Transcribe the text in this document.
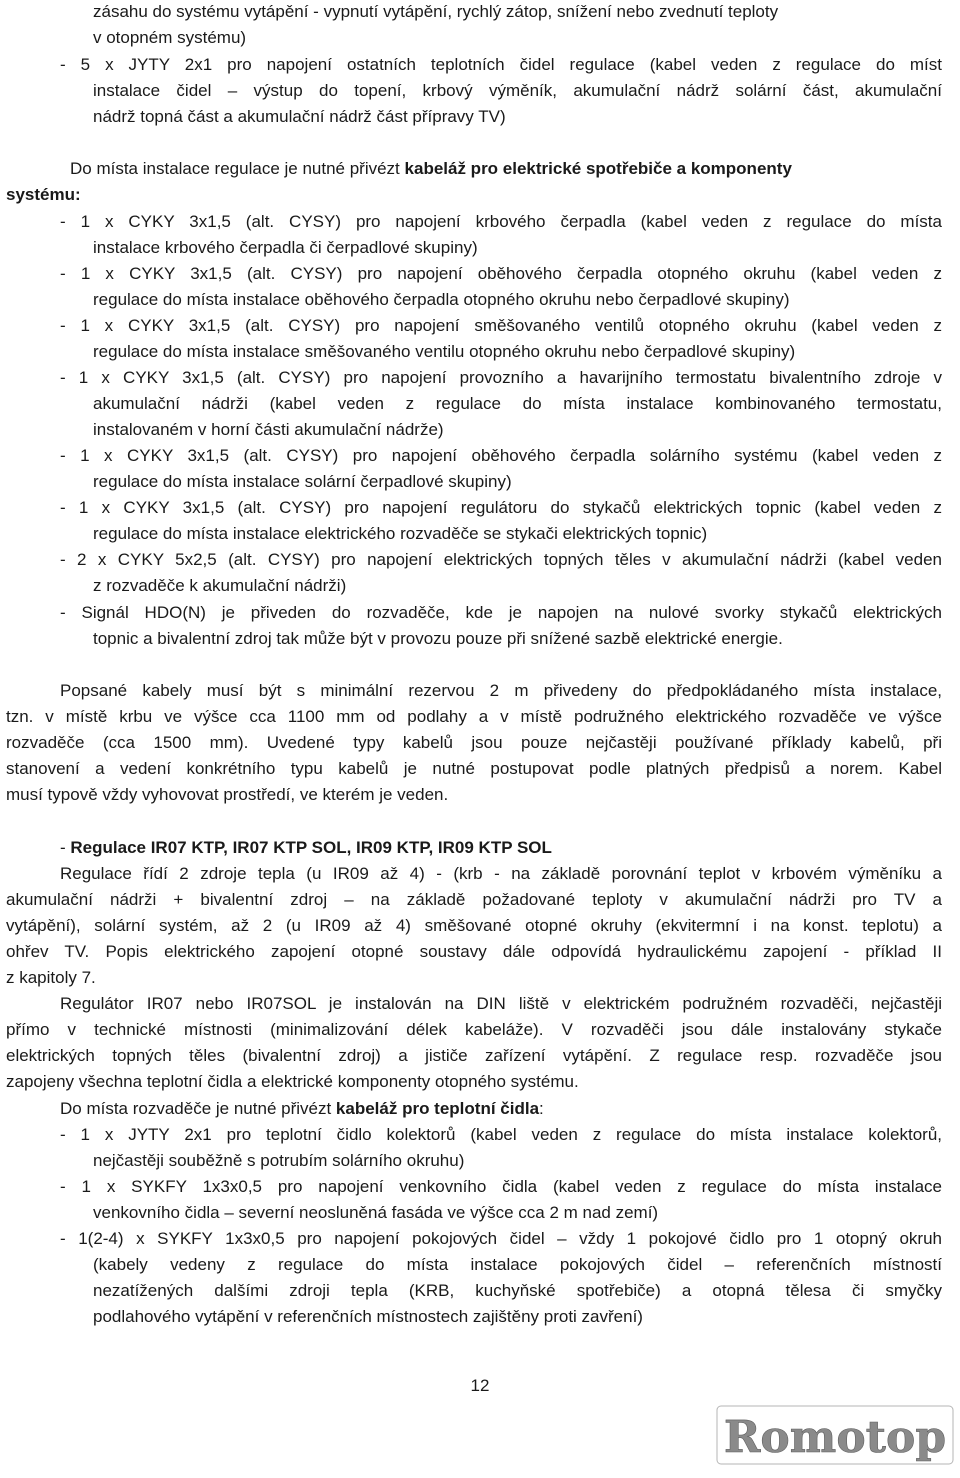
zásahu do systému vytápění - vypnutí vytápění, rychlý zátop, snížení nebo zvednutí teploty
v otopném systému)
- 5 x JYTY 2x1 pro napojení ostatních teplotních čidel regulace (kabel veden z regulace do míst
instalace čidel – výstup do topení, krbový výměník, akumulační nádrž solární část, akumulační
nádrž topná část a akumulační nádrž část přípravy TV)
Do místa instalace regulace je nutné přivézt kabeláž pro elektrické spotřebiče a komponenty
systému:
- 1 x CYKY 3x1,5 (alt. CYSY) pro napojení krbového čerpadla (kabel veden z regulace do místa
instalace krbového čerpadla či čerpadlové skupiny)
- 1 x CYKY 3x1,5 (alt. CYSY) pro napojení oběhového čerpadla otopného okruhu (kabel veden z
regulace do místa instalace oběhového čerpadla otopného okruhu nebo čerpadlové skupiny)
- 1 x CYKY 3x1,5 (alt. CYSY) pro napojení směšovaného ventilů otopného okruhu (kabel veden z
regulace do místa instalace směšovaného ventilu otopného okruhu nebo čerpadlové skupiny)
- 1 x CYKY 3x1,5 (alt. CYSY) pro napojení provozního a havarijního termostatu bivalentního zdroje v
akumulační nádrži (kabel veden z regulace do místa instalace kombinovaného termostatu,
instalovaném v horní části akumulační nádrže)
- 1 x CYKY 3x1,5 (alt. CYSY) pro napojení oběhového čerpadla solárního systému (kabel veden z
regulace do místa instalace solární čerpadlové skupiny)
- 1 x CYKY 3x1,5 (alt. CYSY) pro napojení regulátoru do stykačů elektrických topnic (kabel veden z
regulace do místa instalace elektrického rozvaděče se stykači elektrických topnic)
- 2 x CYKY 5x2,5 (alt. CYSY) pro napojení elektrických topných těles v akumulační nádrži (kabel veden
z rozvaděče k akumulační nádrži)
- Signál HDO(N) je přiveden do rozvaděče, kde je napojen na nulové svorky stykačů elektrických
topnic a bivalentní zdroj tak může být v provozu pouze při snížené sazbě elektrické energie.
Popsané kabely musí být s minimální rezervou 2 m přivedeny do předpokládaného místa instalace,
tzn. v místě krbu ve výšce cca 1100 mm od podlahy a v místě podružného elektrického rozvaděče ve výšce
rozvaděče (cca 1500 mm). Uvedené typy kabelů jsou pouze nejčastěji používané příklady kabelů, při
stanovení a vedení konkrétního typu kabelů je nutné postupovat podle platných předpisů a norem. Kabel
musí typově vždy vyhovovat prostředí, ve kterém je veden.
- Regulace IR07 KTP, IR07 KTP SOL, IR09 KTP, IR09 KTP SOL
Regulace řídí 2 zdroje tepla (u IR09 až 4) - (krb - na základě porovnání teplot v krbovém výměníku a
akumulační nádrži + bivalentní zdroj – na základě požadované teploty v akumulační nádrži pro TV a
vytápění), solární systém, až 2 (u IR09 až 4) směšované otopné okruhy (ekvitermní i na konst. teplotu) a
ohřev TV. Popis elektrického zapojení otopné soustavy dále odpovídá hydraulickému zapojení - příklad II
z kapitoly 7.
Regulátor IR07 nebo IR07SOL je instalován na DIN liště v elektrickém podružném rozvaděči, nejčastěji
přímo v technické místnosti (minimalizování délek kabeláže). V rozvaděči jsou dále instalovány stykače
elektrických topných těles (bivalentní zdroj) a jističe zařízení vytápění. Z regulace resp. rozvaděče jsou
zapojeny všechna teplotní čidla a elektrické komponenty otopného systému.
Do místa rozvaděče je nutné přivézt kabeláž pro teplotní čidla:
- 1 x JYTY 2x1 pro teplotní čidlo kolektorů (kabel veden z regulace do místa instalace kolektorů,
nejčastěji souběžně s potrubím solárního okruhu)
- 1 x SYKFY 1x3x0,5 pro napojení venkovního čidla (kabel veden z regulace do místa instalace
venkovního čidla – severní neosluněná fasáda ve výšce cca 2 m nad zemí)
- 1(2-4) x SYKFY 1x3x0,5 pro napojení pokojových čidel – vždy 1 pokojové čidlo pro 1 otopný okruh
(kabely vedeny z regulace do místa instalace pokojových čidel – referenčních místností
nezatížených dalšími zdroji tepla (KRB, kuchyňské spotřebiče) a otopná tělesa či smyčky
podlahového vytápění v referenčních místnostech zajištěny proti zavření)
12
Romotop
